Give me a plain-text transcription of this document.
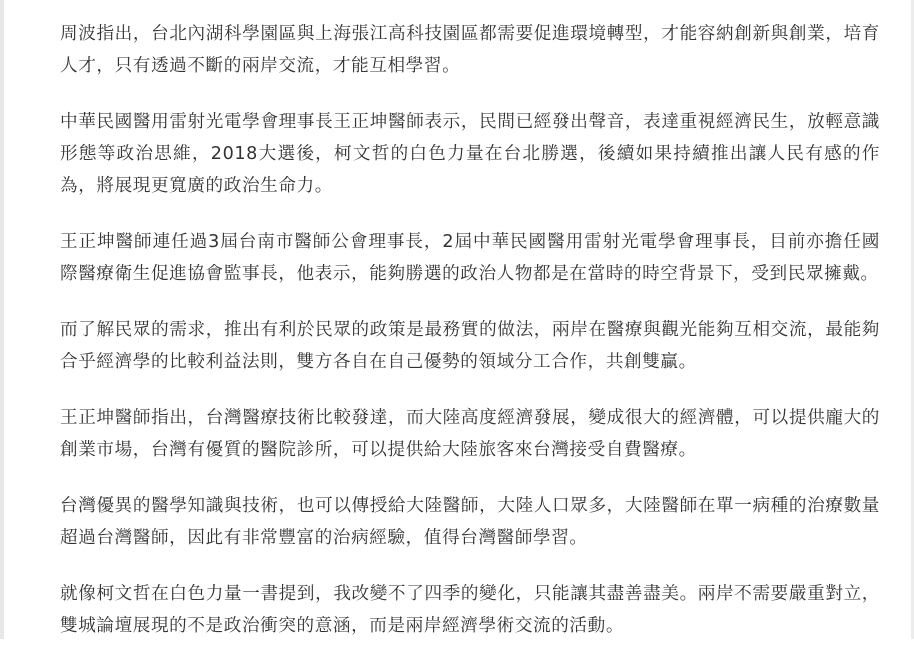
周波指出，台北內湖科學園區與上海張江高科技園區都需要促進環境轉型，才能容納創新與創業，培育人才，只有透過不斷的兩岸交流，才能互相學習。

中華民國醫用雷射光電學會理事長王正坤醫師表示，民間已經發出聲音，表達重視經濟民生，放輕意識形態等政治思維，2018大選後，柯文哲的白色力量在台北勝選，後續如果持續推出讓人民有感的作為，將展現更寬廣的政治生命力。

王正坤醫師連任過3屆台南市醫師公會理事長，2屆中華民國醫用雷射光電學會理事長，目前亦擔任國際醫療衛生促進協會監事長，他表示，能夠勝選的政治人物都是在當時的時空背景下，受到民眾擁戴。

而了解民眾的需求，推出有利於民眾的政策是最務實的做法，兩岸在醫療與觀光能夠互相交流，最能夠合乎經濟學的比較利益法則，雙方各自在自己優勢的領域分工合作，共創雙贏。

王正坤醫師指出，台灣醫療技術比較發達，而大陸高度經濟發展，變成很大的經濟體，可以提供龐大的創業市場，台灣有優質的醫院診所，可以提供給大陸旅客來台灣接受自費醫療。

台灣優異的醫學知識與技術，也可以傳授給大陸醫師，大陸人口眾多，大陸醫師在單一病種的治療數量超過台灣醫師，因此有非常豐富的治病經驗，值得台灣醫師學習。

就像柯文哲在白色力量一書提到，我改變不了四季的變化，只能讓其盡善盡美。兩岸不需要嚴重對立，雙城論壇展現的不是政治衝突的意涵，而是兩岸經濟學術交流的活動。
